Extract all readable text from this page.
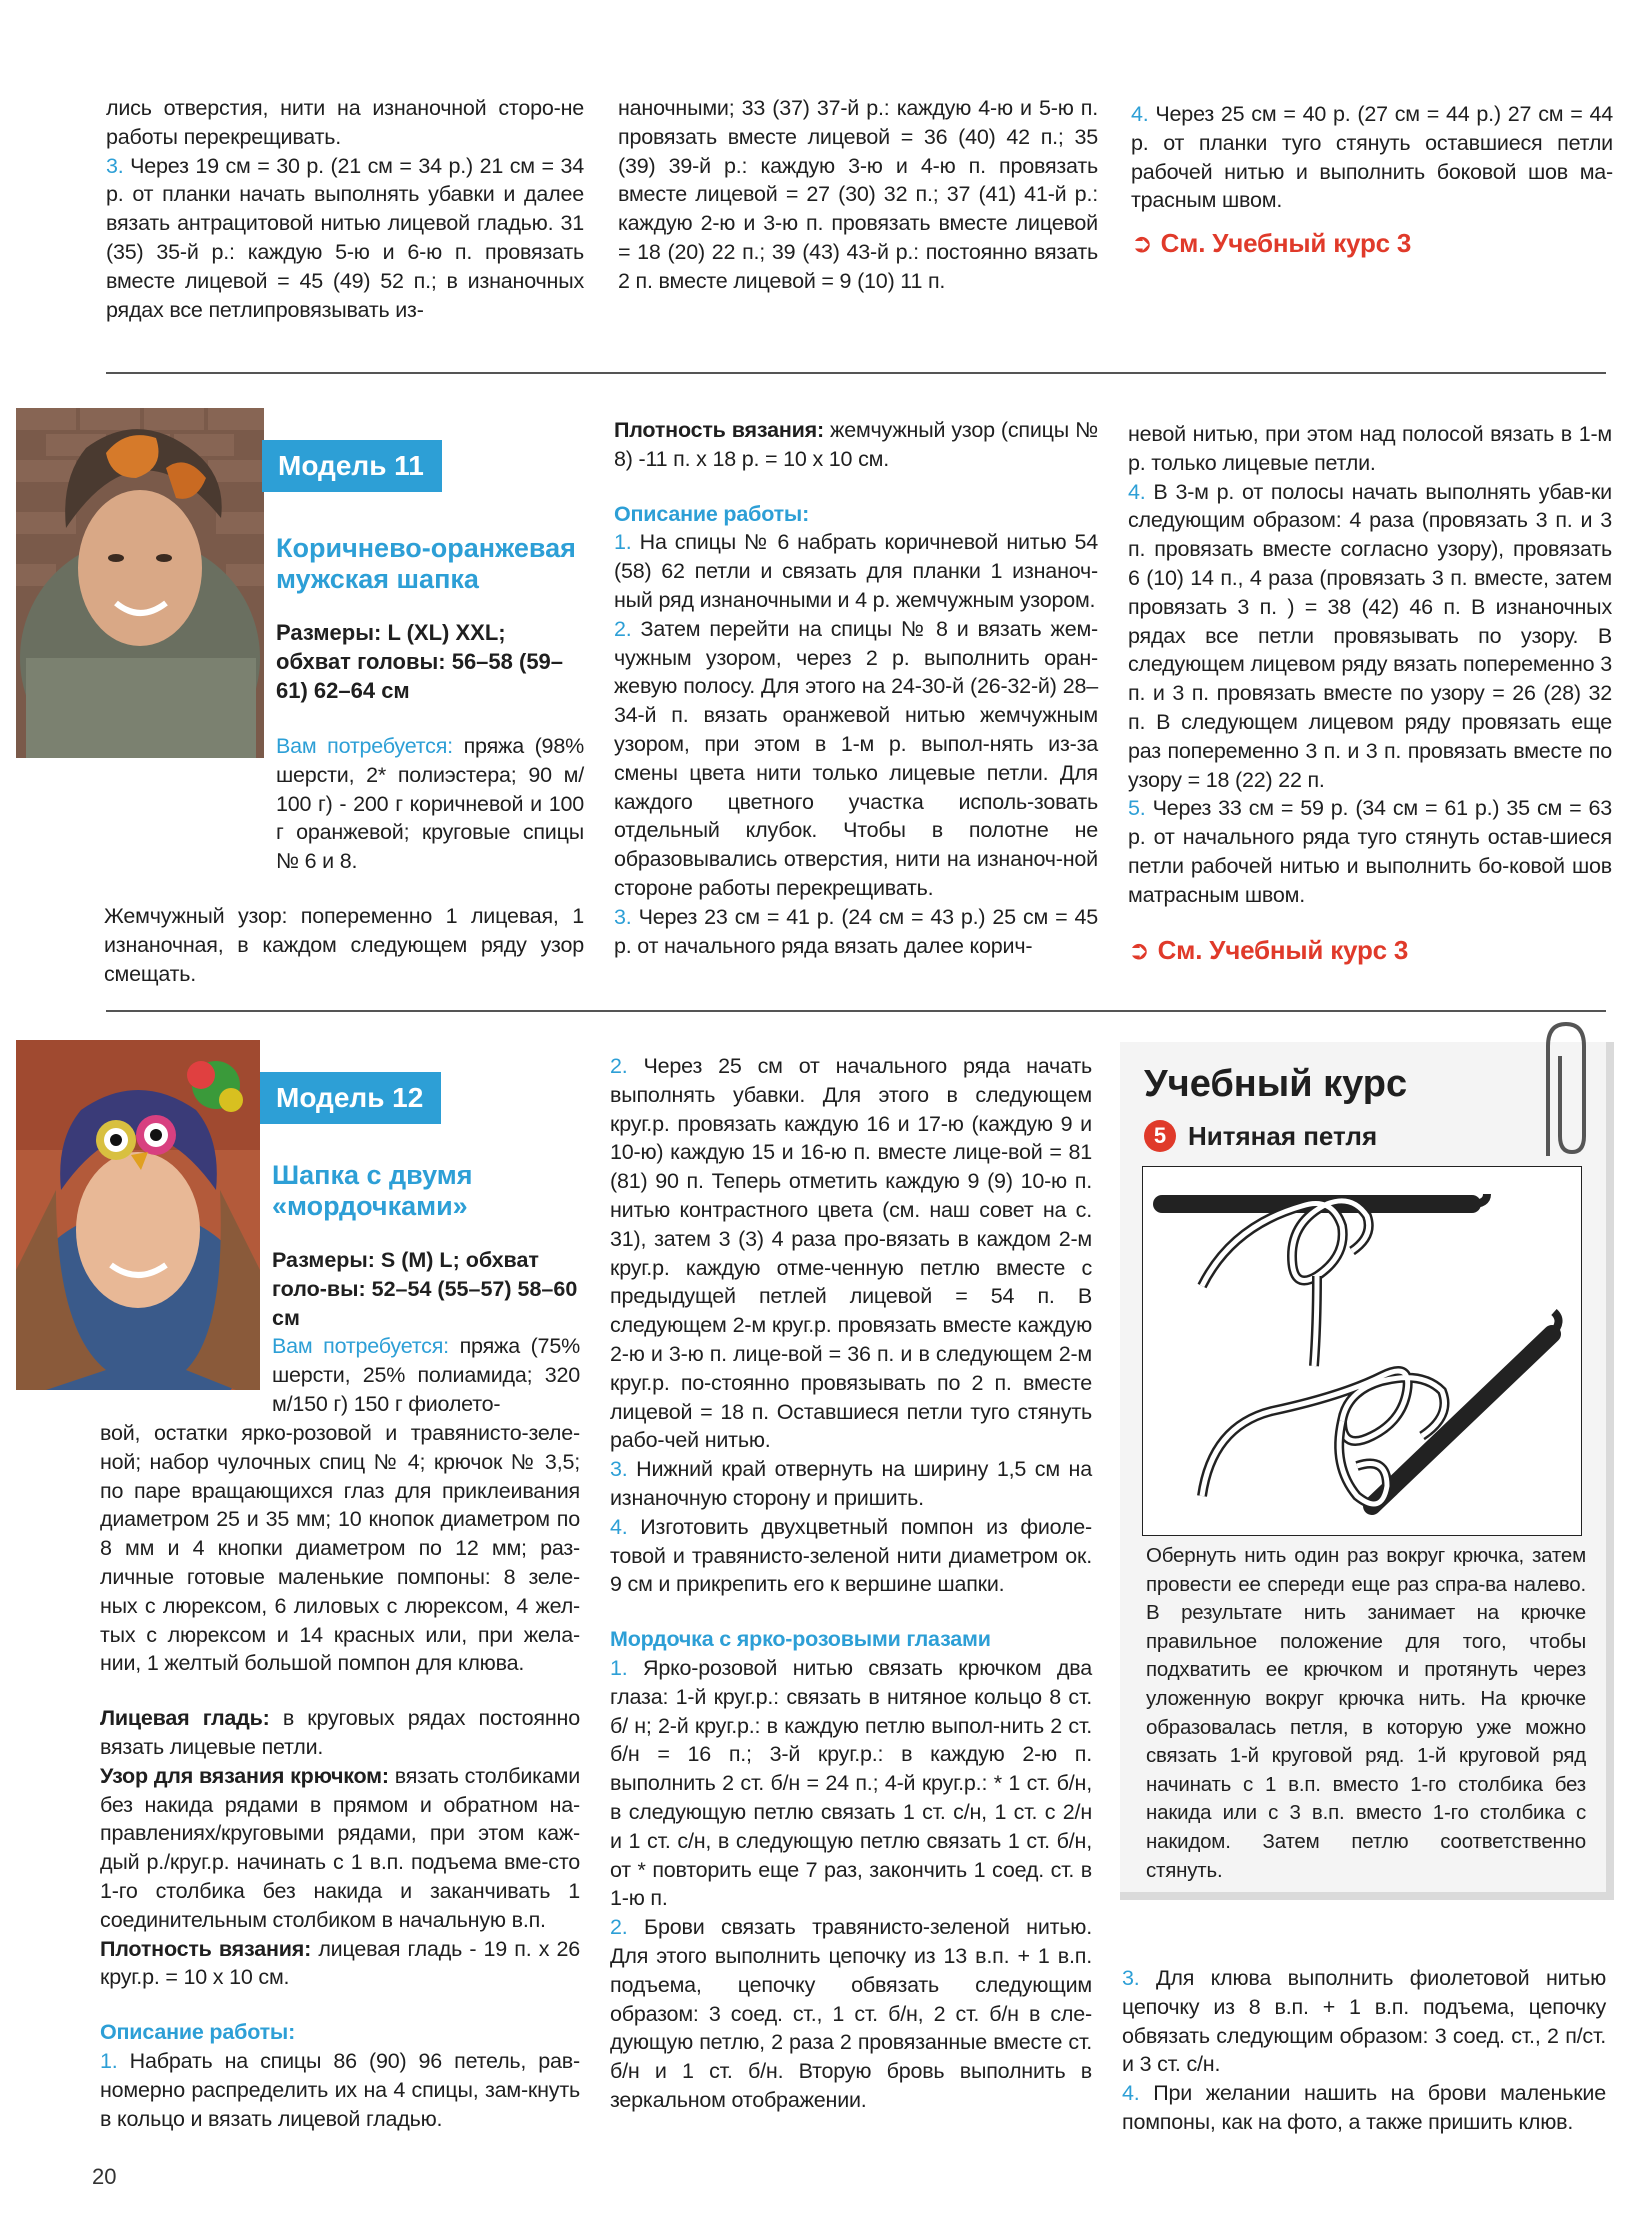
лись отверстия, нити на изнаночной сторо-не работы перекрещивать.

3. Через 19 см = 30 р. (21 см = 34 р.) 21 см = 34 р. от планки начать выполнять убавки и далее вязать антрацитовой нитью лицевой гладью. 31 (35) 35-й р.: каждую 5-ю и 6-ю п. провязать вместе лицевой = 45 (49) 52 п.; в изнаночных рядах все петлипровязывать из-

наночными; 33 (37) 37-й р.: каждую 4-ю и 5-ю п. провязать вместе лицевой = 36 (40) 42 п.; 35 (39) 39-й р.: каждую 3-ю и 4-ю п. провязать вместе лицевой = 27 (30) 32 п.; 37 (41) 41-й р.: каждую 2-ю и 3-ю п. провязать вместе лицевой = 18 (20) 22 п.; 39 (43) 43-й р.: постоянно вязать 2 п. вместе лицевой = 9 (10) 11 п.

4. Через 25 см = 40 р. (27 см = 44 р.) 27 см = 44 р. от планки туго стянуть оставшиеся петли рабочей нитью и выполнить боковой шов ма-трасным швом.

➲ См. Учебный курс 3

Модель 11
Коричнево-оранжевая мужская шапка
Размеры: L (XL) XXL; обхват головы: 56–58 (59–61) 62–64 см

Вам потребуется: пряжа (98% шерсти, 2* полиэстера; 90 м/ 100 г) - 200 г коричневой и 100 г оранжевой; круговые спицы № 6 и 8.

Жемчужный узор: попеременно 1 лицевая, 1 изнаночная, в каждом следующем ряду узор смещать.

Плотность вязания: жемчужный узор (спицы № 8) -11 п. х 18 р. = 10 х 10 см.

Описание работы:

1. На спицы № 6 набрать коричневой нитью 54 (58) 62 петли и связать для планки 1 изнаноч-ный ряд изнаночными и 4 р. жемчужным узором.

2. Затем перейти на спицы № 8 и вязать жем-чужным узором, через 2 р. выполнить оран-жевую полосу. Для этого на 24-30-й (26-32-й) 28–34-й п. вязать оранжевой нитью жемчужным узором, при этом в 1-м р. выпол-нять из-за смены цвета нити только лицевые петли. Для каждого цветного участка исполь-зовать отдельный клубок. Чтобы в полотне не образовывались отверстия, нити на изнаноч-ной стороне работы перекрещивать.

3. Через 23 см = 41 р. (24 см = 43 р.) 25 см = 45 р. от начального ряда вязать далее корич-

невой нитью, при этом над полосой вязать в 1-м р. только лицевые петли.

4. В 3-м р. от полосы начать выполнять убав-ки следующим образом: 4 раза (провязать 3 п. и 3 п. провязать вместе согласно узору), провязать 6 (10) 14 п., 4 раза (провязать 3 п. вместе, затем провязать 3 п. ) = 38 (42) 46 п. В изнаночных рядах все петли провязывать по узору. В следующем лицевом ряду вязать попеременно 3 п. и 3 п. провязать вместе по узору = 26 (28) 32 п. В следующем лицевом ряду провязать еще раз попеременно 3 п. и 3 п. провязать вместе по узору = 18 (22) 22 п.

5. Через 33 см = 59 р. (34 см = 61 р.) 35 см = 63 р. от начального ряда туго стянуть остав-шиеся петли рабочей нитью и выполнить бо-ковой шов матрасным швом.

➲ См. Учебный курс 3

Модель 12
Шапка с двумя «мордочками»
Размеры: S (M) L; обхват голо-вы: 52–54 (55–57) 58–60 см

Вам потребуется: пряжа (75% шерсти, 25% полиамида; 320 м/150 г) 150 г фиолето-

вой, остатки ярко-розовой и травянисто-зеле-ной; набор чулочных спиц № 4; крючок № 3,5; по паре вращающихся глаз для приклеивания диаметром 25 и 35 мм; 10 кнопок диаметром по 8 мм и 4 кнопки диаметром по 12 мм; раз-личные готовые маленькие помпоны: 8 зеле-ных с люрексом, 6 лиловых с люрексом, 4 жел-тых с люрексом и 14 красных или, при жела-нии, 1 желтый большой помпон для клюва.

Лицевая гладь: в круговых рядах постоянно вязать лицевые петли.

Узор для вязания крючком: вязать столбиками без накида рядами в прямом и обратном на-правлениях/круговыми рядами, при этом каж-дый р./круг.р. начинать с 1 в.п. подъема вме-сто 1-го столбика без накида и заканчивать 1 соединительным столбиком в начальную в.п.

Плотность вязания: лицевая гладь - 19 п. х 26 круг.р. = 10 х 10 см.

Описание работы:

1. Набрать на спицы 86 (90) 96 петель, рав-номерно распределить их на 4 спицы, зам-кнуть в кольцо и вязать лицевой гладью.

2. Через 25 см от начального ряда начать выполнять убавки. Для этого в следующем круг.р. провязать каждую 16 и 17-ю (каждую 9 и 10-ю) каждую 15 и 16-ю п. вместе лице-вой = 81 (81) 90 п. Теперь отметить каждую 9 (9) 10-ю п. нитью контрастного цвета (см. наш совет на с. 31), затем 3 (3) 4 раза про-вязать в каждом 2-м круг.р. каждую отме-ченную петлю вместе с предыдущей петлей лицевой = 54 п. В следующем 2-м круг.р. провязать вместе каждую 2-ю и 3-ю п. лице-вой = 36 п. и в следующем 2-м круг.р. по-стоянно провязывать по 2 п. вместе лицевой = 18 п. Оставшиеся петли туго стянуть рабо-чей нитью.

3. Нижний край отвернуть на ширину 1,5 см на изнаночную сторону и пришить.

4. Изготовить двухцветный помпон из фиоле-товой и травянисто-зеленой нити диаметром ок. 9 см и прикрепить его к вершине шапки.

Мордочка с ярко-розовыми глазами

1. Ярко-розовой нитью связать крючком два глаза: 1-й круг.р.: связать в нитяное кольцо 8 ст. б/ н; 2-й круг.р.: в каждую петлю выпол-нить 2 ст. б/н = 16 п.; 3-й круг.р.: в каждую 2-ю п. выполнить 2 ст. б/н = 24 п.; 4-й круг.р.: * 1 ст. б/н, в следующую петлю связать 1 ст. с/н, 1 ст. с 2/н и 1 ст. с/н, в следующую петлю связать 1 ст. б/н, от * повторить еще 7 раз, закончить 1 соед. ст. в 1-ю п.

2. Брови связать травянисто-зеленой нитью. Для этого выполнить цепочку из 13 в.п. + 1 в.п. подъема, цепочку обвязать следующим образом: 3 соед. ст., 1 ст. б/н, 2 ст. б/н в сле-дующую петлю, 2 раза 2 провязанные вместе ст. б/н и 1 ст. б/н. Вторую бровь выполнить в зеркальном отображении.

Учебный курс
5 Нитяная петля
Обернуть нить один раз вокруг крючка, затем провести ее спереди еще раз спра-ва налево. В результате нить занимает на крючке правильное положение для того, чтобы подхватить ее крючком и протянуть через уложенную вокруг крючка нить. На крючке образовалась петля, в которую уже можно связать 1-й круговой ряд. 1-й круговой ряд начинать с 1 в.п. вместо 1-го столбика без накида или с 3 в.п. вместо 1-го столбика с накидом. Затем петлю соответственно стянуть.

3. Для клюва выполнить фиолетовой нитью цепочку из 8 в.п. + 1 в.п. подъема, цепочку обвязать следующим образом: 3 соед. ст., 2 п/ст. и 3 ст. с/н.

4. При желании нашить на брови маленькие помпоны, как на фото, а также пришить клюв.

20
